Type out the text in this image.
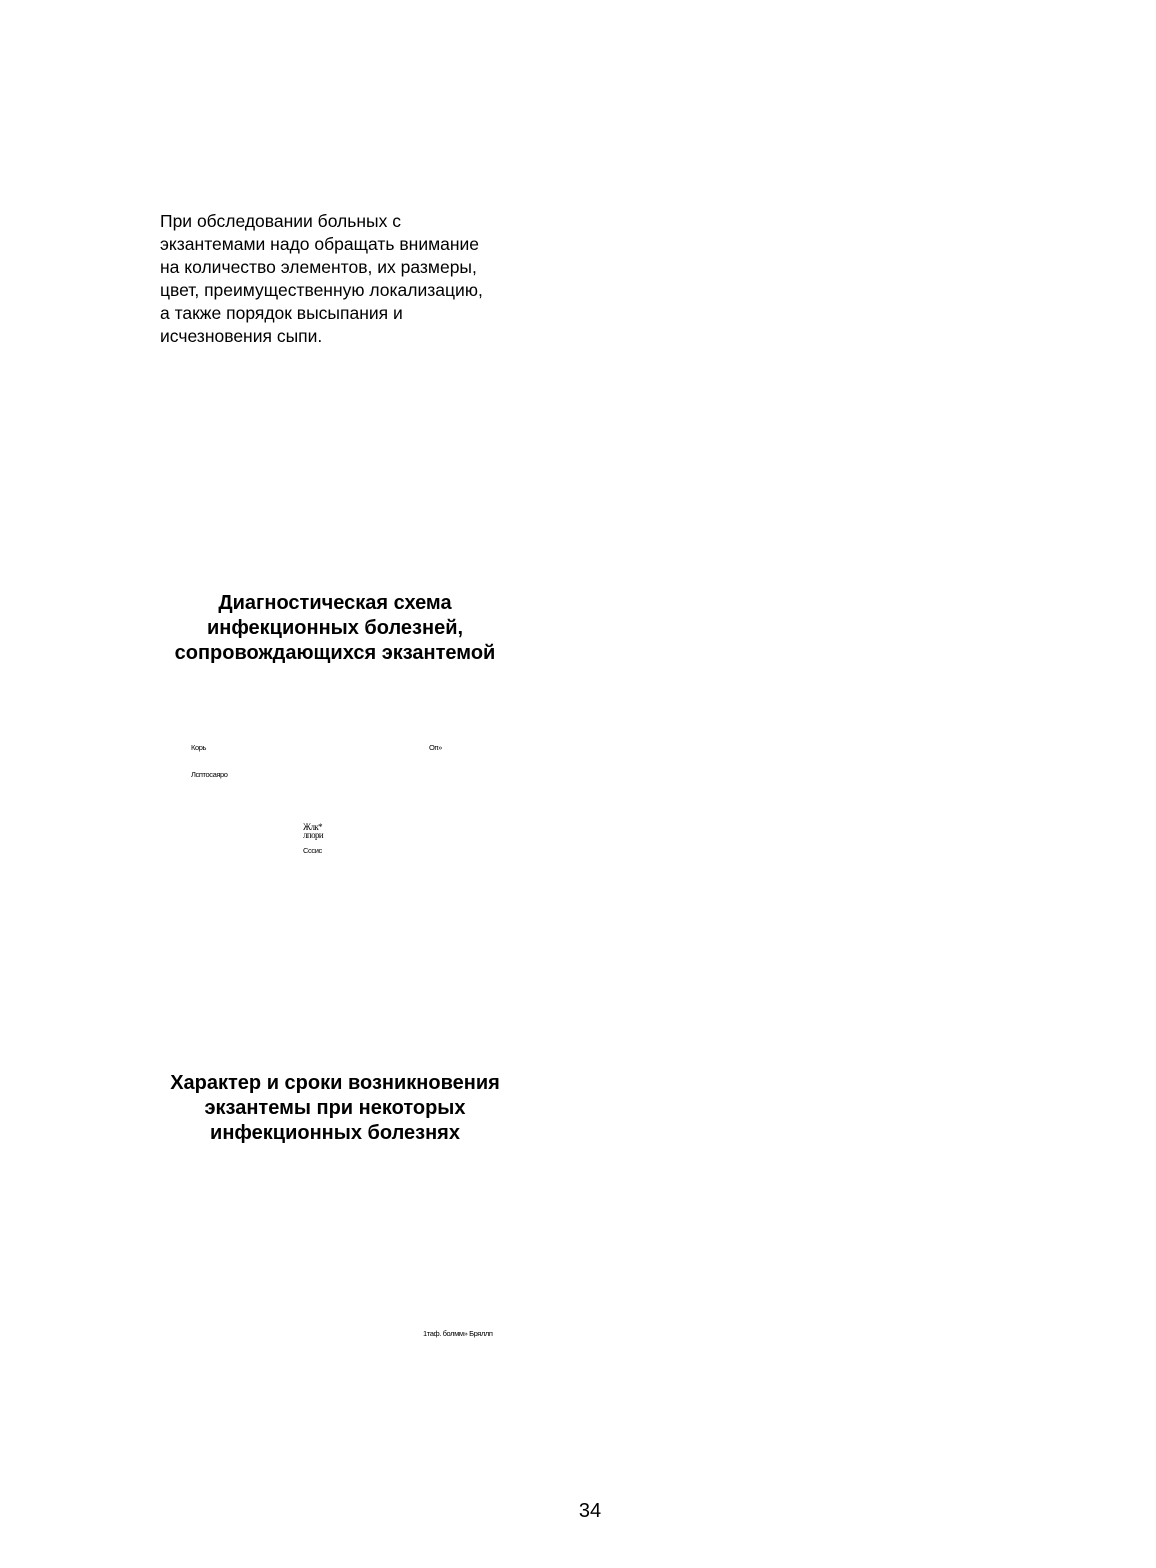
При обследовании больных с
экзантемами надо обращать внимание
на количество элементов, их размеры,
цвет, преимущественную локализацию,
а также порядок высыпания и
исчезновения сыпи.
Диагностическая схема
инфекционных болезней,
сопровождающихся экзантемой
Корь	Оп»
Лсптосаяро
Жлк*
лпори
Сссис
Характер и сроки возникновения
экзантемы при некоторых
инфекционных болезнях
1таф. болмм» Бряллп
34
